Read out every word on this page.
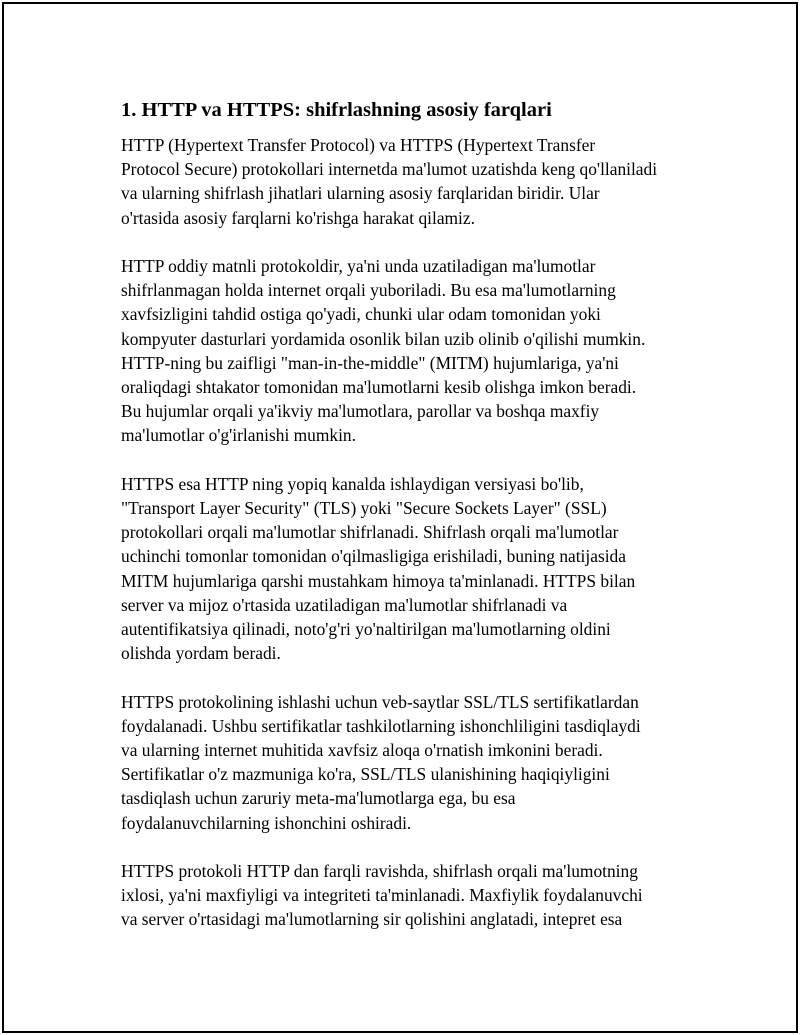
1. HTTP va HTTPS: shifrlashning asosiy farqlari

HTTP (Hypertext Transfer Protocol) va HTTPS (Hypertext Transfer
Protocol Secure) protokollari internetda ma'lumot uzatishda keng qo'llaniladi
va ularning shifrlash jihatlari ularning asosiy farqlaridan biridir. Ular
o'rtasida asosiy farqlarni ko'rishga harakat qilamiz.

HTTP oddiy matnli protokoldir, ya'ni unda uzatiladigan ma'lumotlar
shifrlanmagan holda internet orqali yuboriladi. Bu esa ma'lumotlarning
xavfsizligini tahdid ostiga qo'yadi, chunki ular odam tomonidan yoki
kompyuter dasturlari yordamida osonlik bilan uzib olinib o'qilishi mumkin.
HTTP-ning bu zaifligi "man-in-the-middle" (MITM) hujumlariga, ya'ni
oraliqdagi shtakator tomonidan ma'lumotlarni kesib olishga imkon beradi.
Bu hujumlar orqali ya'ikviy ma'lumotlara, parollar va boshqa maxfiy
ma'lumotlar o'g'irlanishi mumkin.

HTTPS esa HTTP ning yopiq kanalda ishlaydigan versiyasi bo'lib,
"Transport Layer Security" (TLS) yoki "Secure Sockets Layer" (SSL)
protokollari orqali ma'lumotlar shifrlanadi. Shifrlash orqali ma'lumotlar
uchinchi tomonlar tomonidan o'qilmasligiga erishiladi, buning natijasida
MITM hujumlariga qarshi mustahkam himoya ta'minlanadi. HTTPS bilan
server va mijoz o'rtasida uzatiladigan ma'lumotlar shifrlanadi va
autentifikatsiya qilinadi, noto'g'ri yo'naltirilgan ma'lumotlarning oldini
olishda yordam beradi.

HTTPS protokolining ishlashi uchun veb-saytlar SSL/TLS sertifikatlardan
foydalanadi. Ushbu sertifikatlar tashkilotlarning ishonchliligini tasdiqlaydi
va ularning internet muhitida xavfsiz aloqa o'rnatish imkonini beradi.
Sertifikatlar o'z mazmuniga ko'ra, SSL/TLS ulanishining haqiqiyligini
tasdiqlash uchun zaruriy meta-ma'lumotlarga ega, bu esa
foydalanuvchilarning ishonchini oshiradi.

HTTPS protokoli HTTP dan farqli ravishda, shifrlash orqali ma'lumotning
ixlosi, ya'ni maxfiyligi va integriteti ta'minlanadi. Maxfiylik foydalanuvchi
va server o'rtasidagi ma'lumotlarning sir qolishini anglatadi, intepret esa
